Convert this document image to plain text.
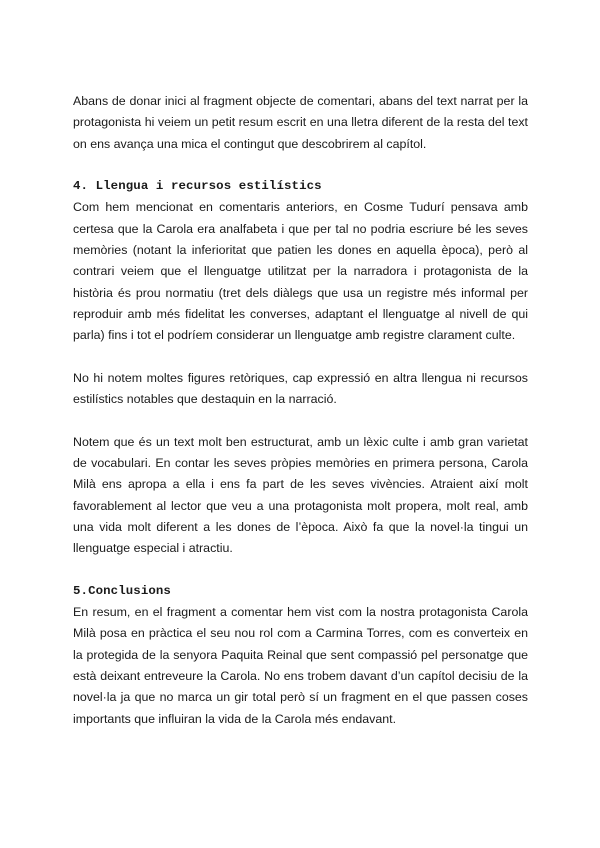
Abans de donar inici al fragment objecte de comentari, abans del text narrat per la protagonista hi veiem un petit resum escrit en una lletra diferent de la resta del text on ens avança una mica el contingut que descobrirem al capítol.

4. Llengua i recursos estilístics

Com hem mencionat en comentaris anteriors, en Cosme Tudurí pensava amb certesa que la Carola era analfabeta i que per tal no podria escriure bé les seves memòries (notant la inferioritat que patien les dones en aquella època), però al contrari veiem que el llenguatge utilitzat per la narradora i protagonista de la història és prou normatiu (tret dels diàlegs que usa un registre més informal per reproduir amb més fidelitat les converses, adaptant el llenguatge al nivell de qui parla) fins i tot el podríem considerar un llenguatge amb registre clarament culte.

No hi notem moltes figures retòriques, cap expressió en altra llengua ni recursos estilístics notables que destaquin en la narració.

Notem que és un text molt ben estructurat, amb un lèxic culte i amb gran varietat de vocabulari. En contar les seves pròpies memòries en primera persona, Carola Milà ens apropa a ella i ens fa part de les seves vivències. Atraient així molt favorablement al lector que veu a una protagonista molt propera, molt real, amb una vida molt diferent a les dones de l’època. Això fa que la novel·la tingui un llenguatge especial i atractiu.

5.Conclusions

En resum, en el fragment a comentar hem vist com la nostra protagonista Carola Milà posa en pràctica el seu nou rol com a Carmina Torres, com es converteix en la protegida de la senyora Paquita Reinal que sent compassió pel personatge que està deixant entreveure la Carola. No ens trobem davant d’un capítol decisiu de la novel·la ja que no marca un gir total però sí un fragment en el que passen coses importants que influiran la vida de la Carola més endavant.
